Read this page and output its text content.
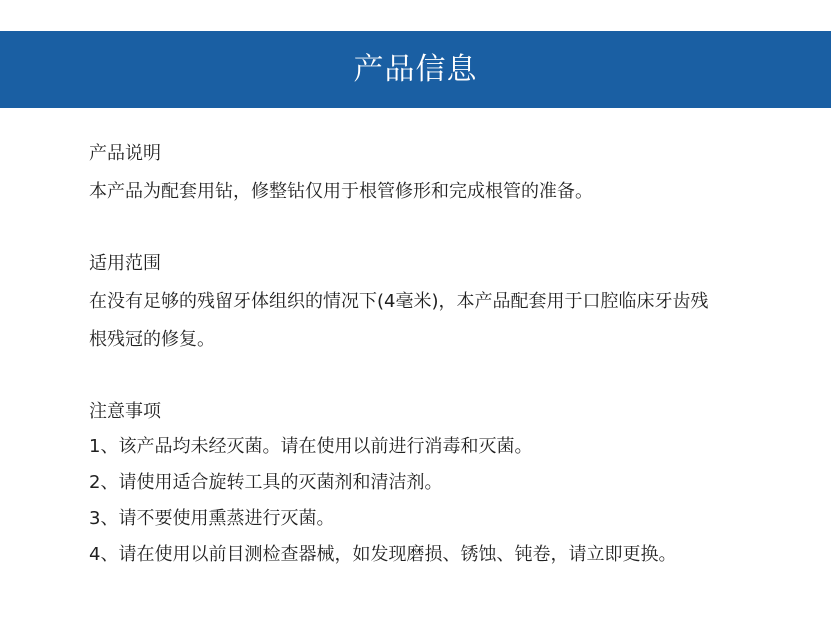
产品信息
产品说明
本产品为配套用钻，修整钻仅用于根管修形和完成根管的准备。
适用范围
在没有足够的残留牙体组织的情况下(4毫米)，本产品配套用于口腔临床牙齿残
根残冠的修复。
注意事项
1、该产品均未经灭菌。请在使用以前进行消毒和灭菌。
2、请使用适合旋转工具的灭菌剂和清洁剂。
3、请不要使用熏蒸进行灭菌。
4、请在使用以前目测检查器械，如发现磨损、锈蚀、钝卷，请立即更换。
